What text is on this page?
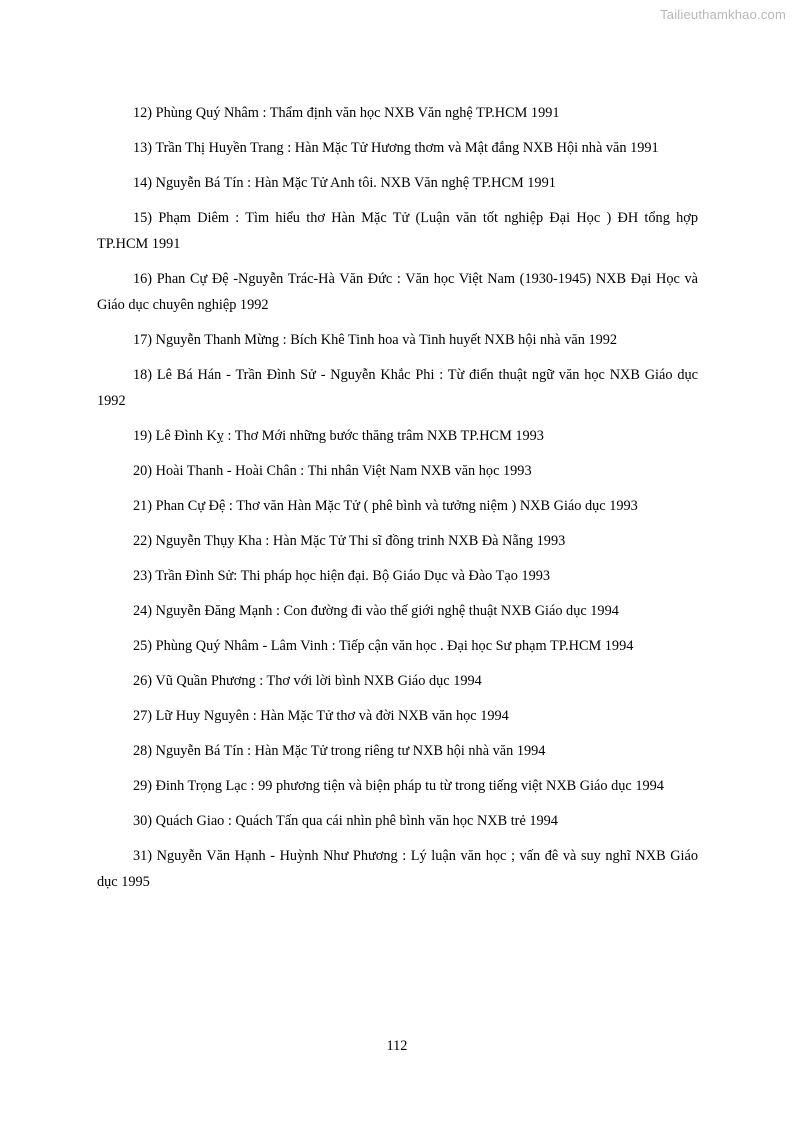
Tailieuthamkhao.com
12) Phùng Quý Nhâm : Thẩm định văn học NXB Văn nghệ TP.HCM 1991
13) Trần Thị Huyền Trang : Hàn Mặc Tử Hương thơm và Mật đắng NXB Hội nhà văn 1991
14) Nguyễn Bá Tín : Hàn Mặc Tử Anh tôi. NXB Văn nghệ TP.HCM 1991
15) Phạm Diêm : Tìm hiểu thơ Hàn Mặc Tử (Luận văn tốt nghiệp Đại Học ) ĐH tổng hợp TP.HCM 1991
16) Phan Cự Đệ -Nguyễn Trác-Hà Văn Đức : Văn học Việt Nam (1930-1945) NXB Đại Học và Giáo dục chuyên nghiệp 1992
17) Nguyễn Thanh Mừng : Bích Khê Tinh hoa và Tinh huyết NXB hội nhà văn 1992
18) Lê Bá Hán - Trần Đình Sử - Nguyễn Khắc Phi : Từ điển thuật ngữ văn học NXB Giáo dục 1992
19) Lê Đình Kỵ : Thơ Mới những bước thăng trâm NXB TP.HCM 1993
20) Hoài Thanh - Hoài Chân : Thi nhân Việt Nam NXB văn học 1993
21) Phan Cự Đệ : Thơ văn Hàn Mặc Tử ( phê bình và tưởng niệm ) NXB Giáo dục 1993
22) Nguyễn Thụy Kha : Hàn Mặc Tử Thi sĩ đồng trinh NXB Đà Nẵng 1993
23) Trần Đình Sử: Thi pháp học hiện đại. Bộ Giáo Dục và Đào Tạo 1993
24) Nguyễn Đăng Mạnh : Con đường đi vào thế giới nghệ thuật NXB Giáo dục 1994
25) Phùng Quý Nhâm - Lâm Vinh : Tiếp cận văn học . Đại học Sư phạm TP.HCM 1994
26) Vũ Quần Phương : Thơ với lời bình NXB Giáo dục 1994
27) Lữ Huy Nguyên : Hàn Mặc Tử thơ và đời NXB văn học 1994
28) Nguyễn Bá Tín : Hàn Mặc Tử trong riêng tư NXB hội nhà văn 1994
29) Đinh Trọng Lạc : 99 phương tiện và biện pháp tu từ trong tiếng việt NXB Giáo dục 1994
30) Quách Giao : Quách Tấn qua cái nhìn phê bình văn học NXB trẻ 1994
31) Nguyễn Văn Hạnh - Huỳnh Như Phương : Lý luận văn học ; vấn đê và suy nghĩ NXB Giáo dục 1995
112
